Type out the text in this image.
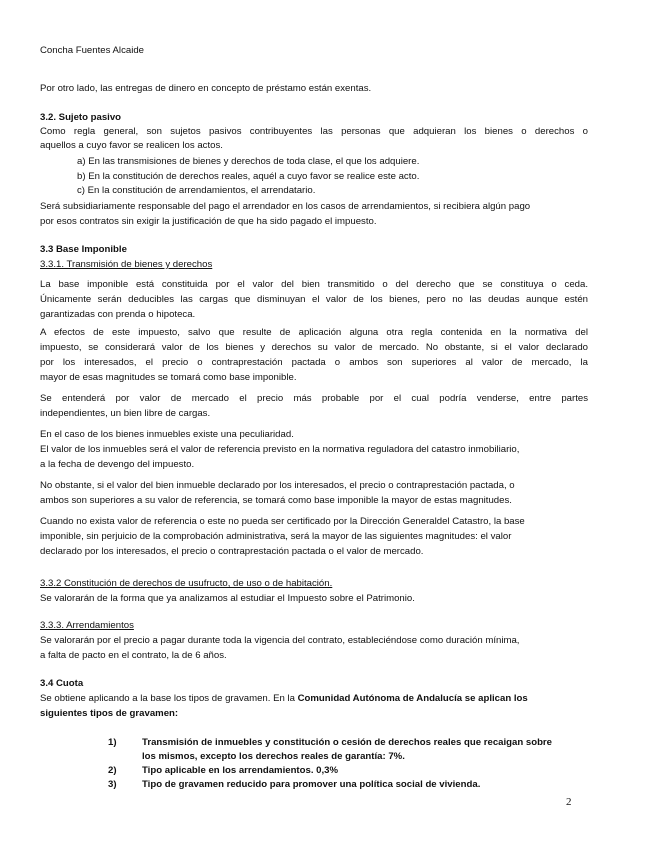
Concha Fuentes Alcaide
Por otro lado, las entregas de dinero en concepto de préstamo están exentas.
3.2. Sujeto pasivo
Como regla general, son sujetos pasivos contribuyentes las personas que adquieran los bienes o derechos o
aquellos a cuyo favor se realicen los actos.
a) En las transmisiones de bienes y derechos de toda clase, el que los adquiere.
b) En la constitución de derechos reales, aquél a cuyo favor se realice este acto.
c) En la constitución de arrendamientos, el arrendatario.
Será subsidiariamente responsable del pago el arrendador en los casos de arrendamientos, si recibiera algún pago
por esos contratos sin exigir la justificación de que ha sido pagado el impuesto.
3.3 Base Imponible
3.3.1. Transmisión de bienes y derechos
La base imponible está constituida por el valor del bien transmitido o del derecho que se constituya o ceda.
Únicamente serán deducibles las cargas que disminuyan el valor de los bienes, pero no las deudas aunque estén
garantizadas con prenda o hipoteca.
A efectos de este impuesto, salvo que resulte de aplicación alguna otra regla contenida en la normativa del
impuesto, se considerará valor de los bienes y derechos su valor de mercado. No obstante, si el valor declarado
por los interesados, el precio o contraprestación pactada o ambos son superiores al valor de mercado, la
mayor de esas magnitudes se tomará como base imponible.
Se entenderá por valor de mercado el precio más probable por el cual podría venderse, entre partes
independientes, un bien libre de cargas.
En el caso de los bienes inmuebles existe una peculiaridad.
El valor de los inmuebles será el valor de referencia previsto en la normativa reguladora del catastro inmobiliario,
a la fecha de devengo del impuesto.
No obstante, si el valor del bien inmueble declarado por los interesados, el precio o contraprestación pactada, o
ambos son superiores a su valor de referencia, se tomará como base imponible la mayor de estas magnitudes.
Cuando no exista valor de referencia o este no pueda ser certificado por la Dirección Generaldel Catastro, la base
imponible, sin perjuicio de la comprobación administrativa, será la mayor de las siguientes magnitudes: el valor
declarado por los interesados, el precio o contraprestación pactada o el valor de mercado.
3.3.2 Constitución de derechos de usufructo, de uso o de habitación.
Se valorarán de la forma que ya analizamos al estudiar el Impuesto sobre el Patrimonio.
3.3.3. Arrendamientos
Se valorarán por el precio a pagar durante toda la vigencia del contrato, estableciéndose como duración mínima,
a falta de pacto en el contrato, la de 6 años.
3.4 Cuota
Se obtiene aplicando a la base los tipos de gravamen. En la Comunidad Autónoma de Andalucía se aplican los
siguientes tipos de gravamen:
1)	Transmisión de inmuebles y constitución o cesión de derechos reales que recaigan sobre
los mismos, excepto los derechos reales de garantía: 7%.
2)	Tipo aplicable en los arrendamientos. 0,3%
3)	Tipo de gravamen reducido para promover una política social de vivienda.
2
